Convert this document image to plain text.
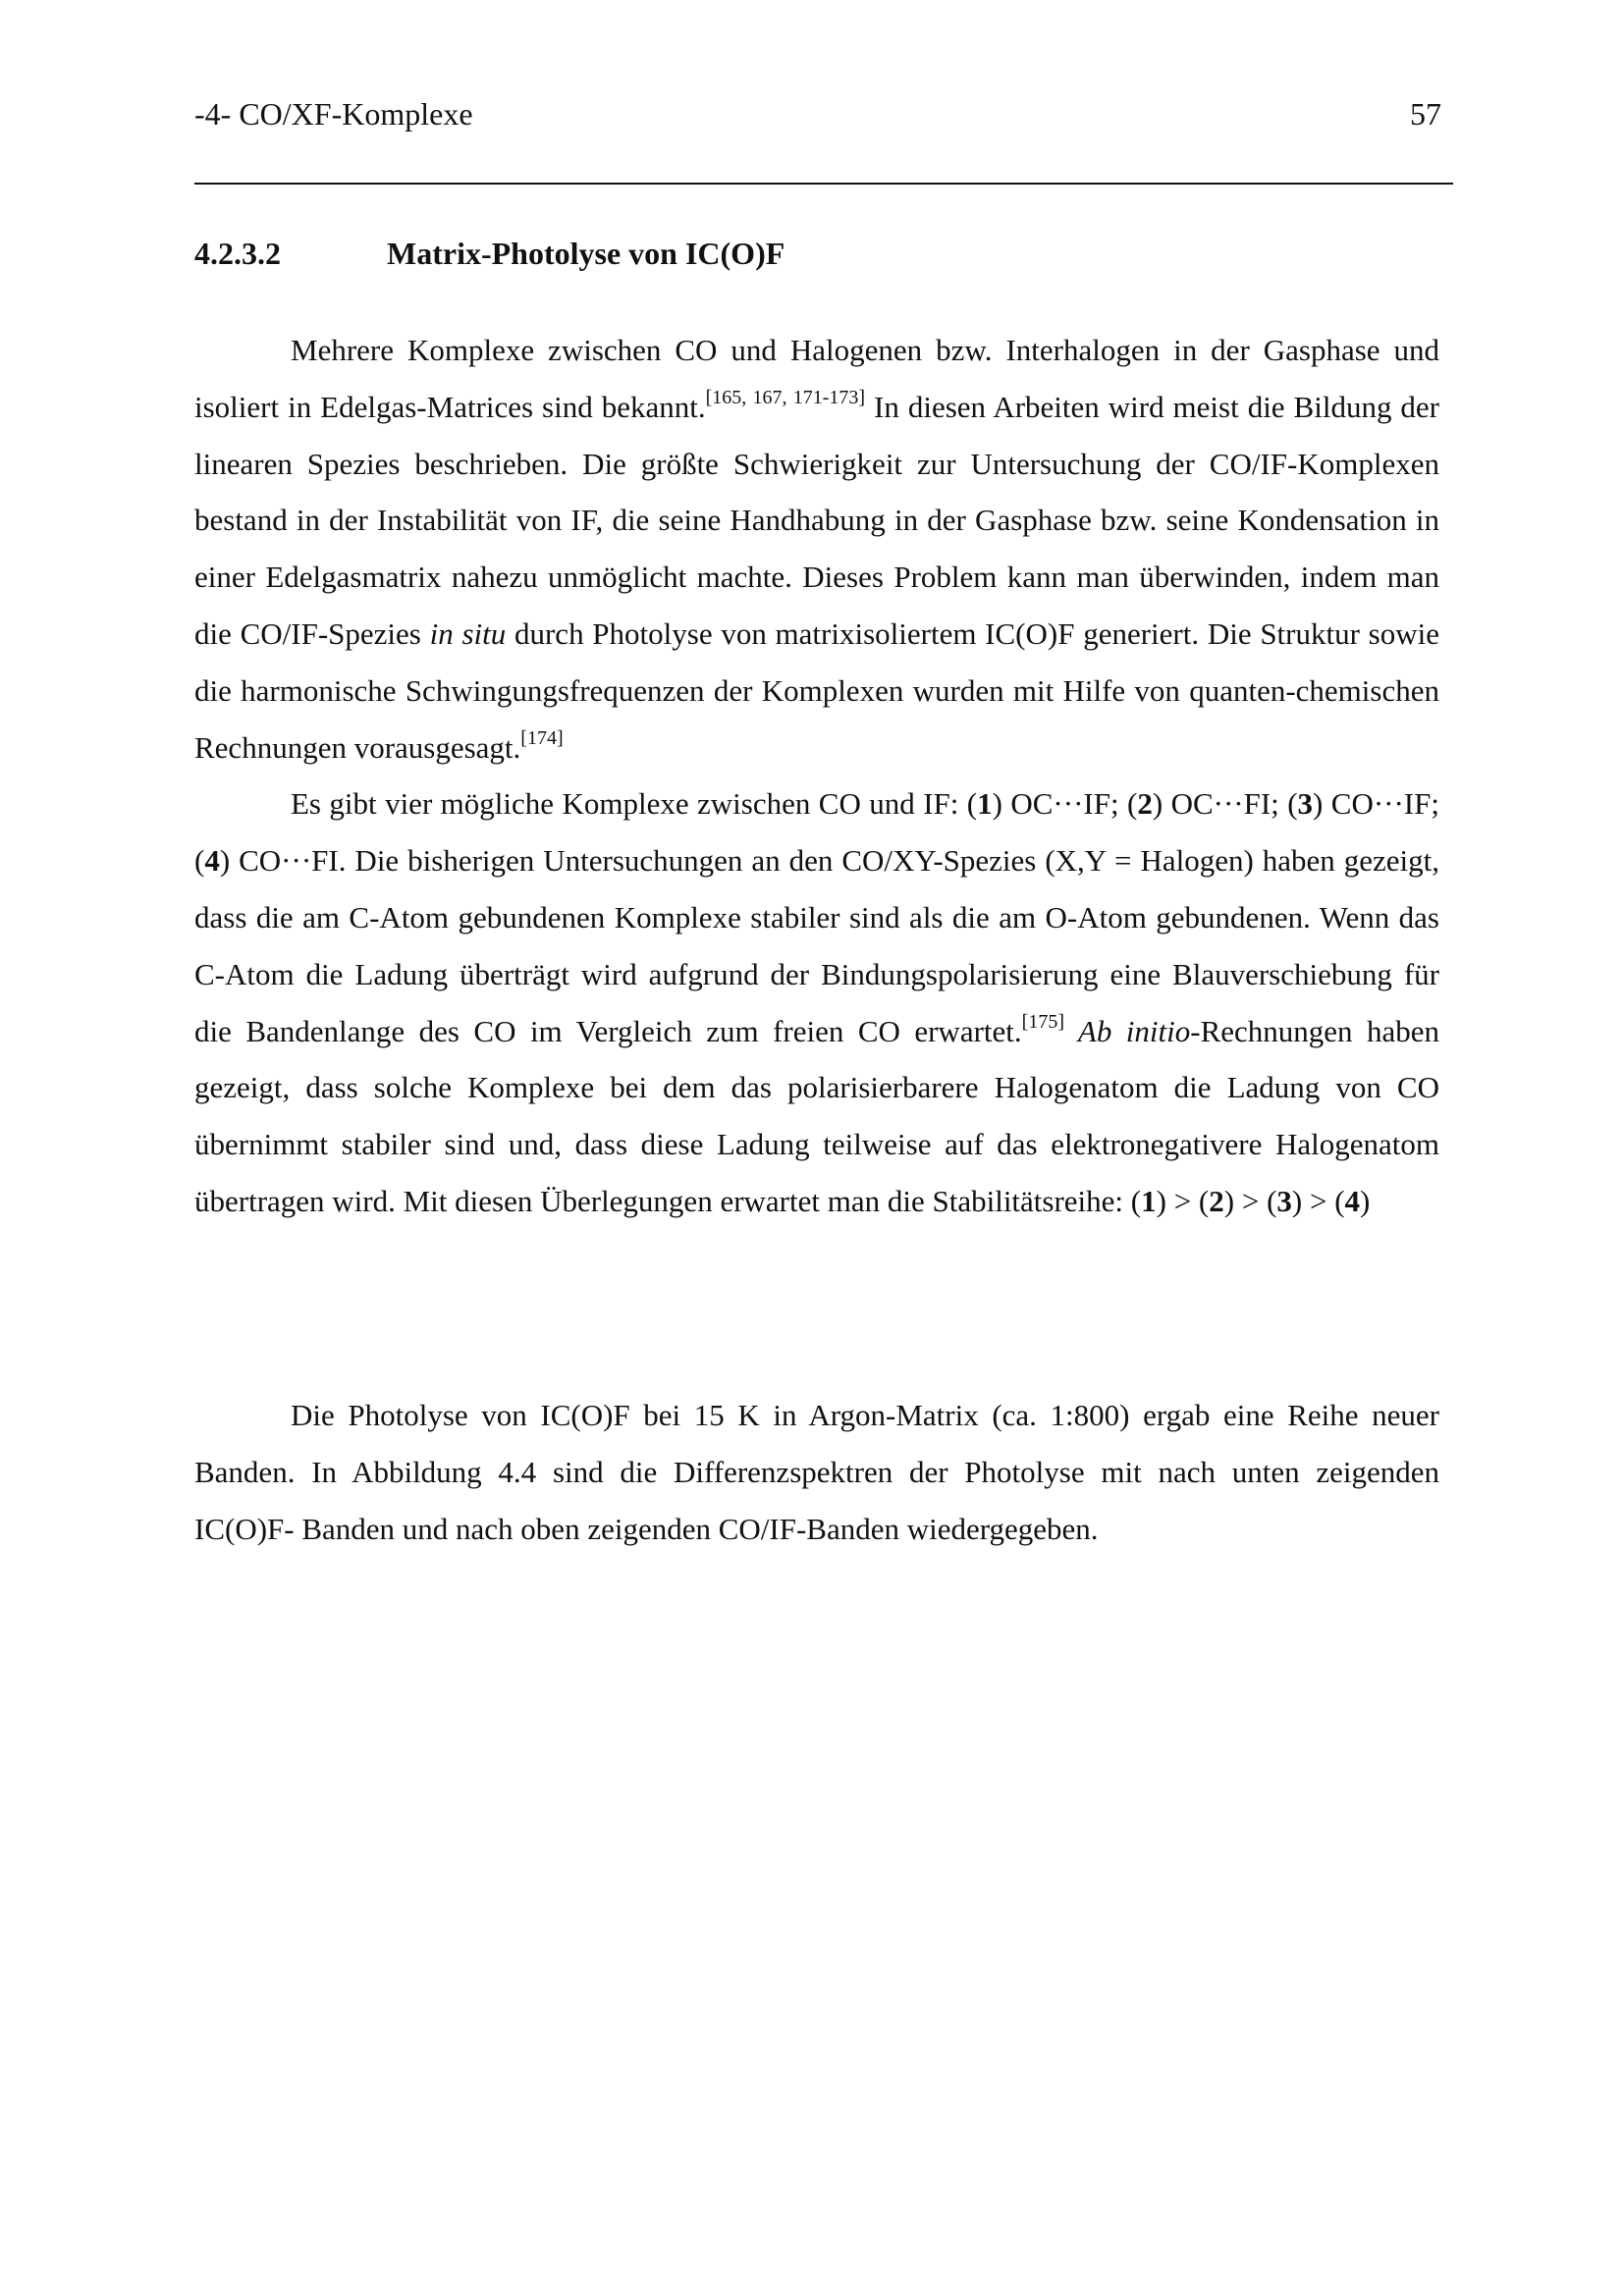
-4- CO/XF-Komplexe	57
4.2.3.2	Matrix-Photolyse von IC(O)F

Mehrere Komplexe zwischen CO und Halogenen bzw. Interhalogen in der Gasphase und isoliert in Edelgas-Matrices sind bekannt.[165, 167, 171-173] In diesen Arbeiten wird meist die Bildung der linearen Spezies beschrieben. Die größte Schwierigkeit zur Untersuchung der CO/IF-Komplexen bestand in der Instabilität von IF, die seine Handhabung in der Gasphase bzw. seine Kondensation in einer Edelgasmatrix nahezu unmöglicht machte. Dieses Problem kann man überwinden, indem man die CO/IF-Spezies in situ durch Photolyse von matrixisoliertem IC(O)F generiert. Die Struktur sowie die harmonische Schwingungsfrequenzen der Komplexen wurden mit Hilfe von quanten-chemischen Rechnungen vorausgesagt.[174]

Es gibt vier mögliche Komplexe zwischen CO und IF: (1) OC···IF; (2) OC···FI; (3) CO···IF; (4) CO···FI. Die bisherigen Untersuchungen an den CO/XY-Spezies (X,Y = Halogen) haben gezeigt, dass die am C-Atom gebundenen Komplexe stabiler sind als die am O-Atom gebundenen. Wenn das C-Atom die Ladung überträgt wird aufgrund der Bindungspolarisierung eine Blauverschiebung für die Bandenlange des CO im Vergleich zum freien CO erwartet.[175] Ab initio-Rechnungen haben gezeigt, dass solche Komplexe bei dem das polarisierbarere Halogenatom die Ladung von CO übernimmt stabiler sind und, dass diese Ladung teilweise auf das elektronegativere Halogenatom übertragen wird. Mit diesen Überlegungen erwartet man die Stabilitätsreihe: (1) > (2) > (3) > (4)

Die Photolyse von IC(O)F bei 15 K in Argon-Matrix (ca. 1:800) ergab eine Reihe neuer Banden. In Abbildung 4.4 sind die Differenzspektren der Photolyse mit nach unten zeigenden IC(O)F- Banden und nach oben zeigenden CO/IF-Banden wiedergegeben.
